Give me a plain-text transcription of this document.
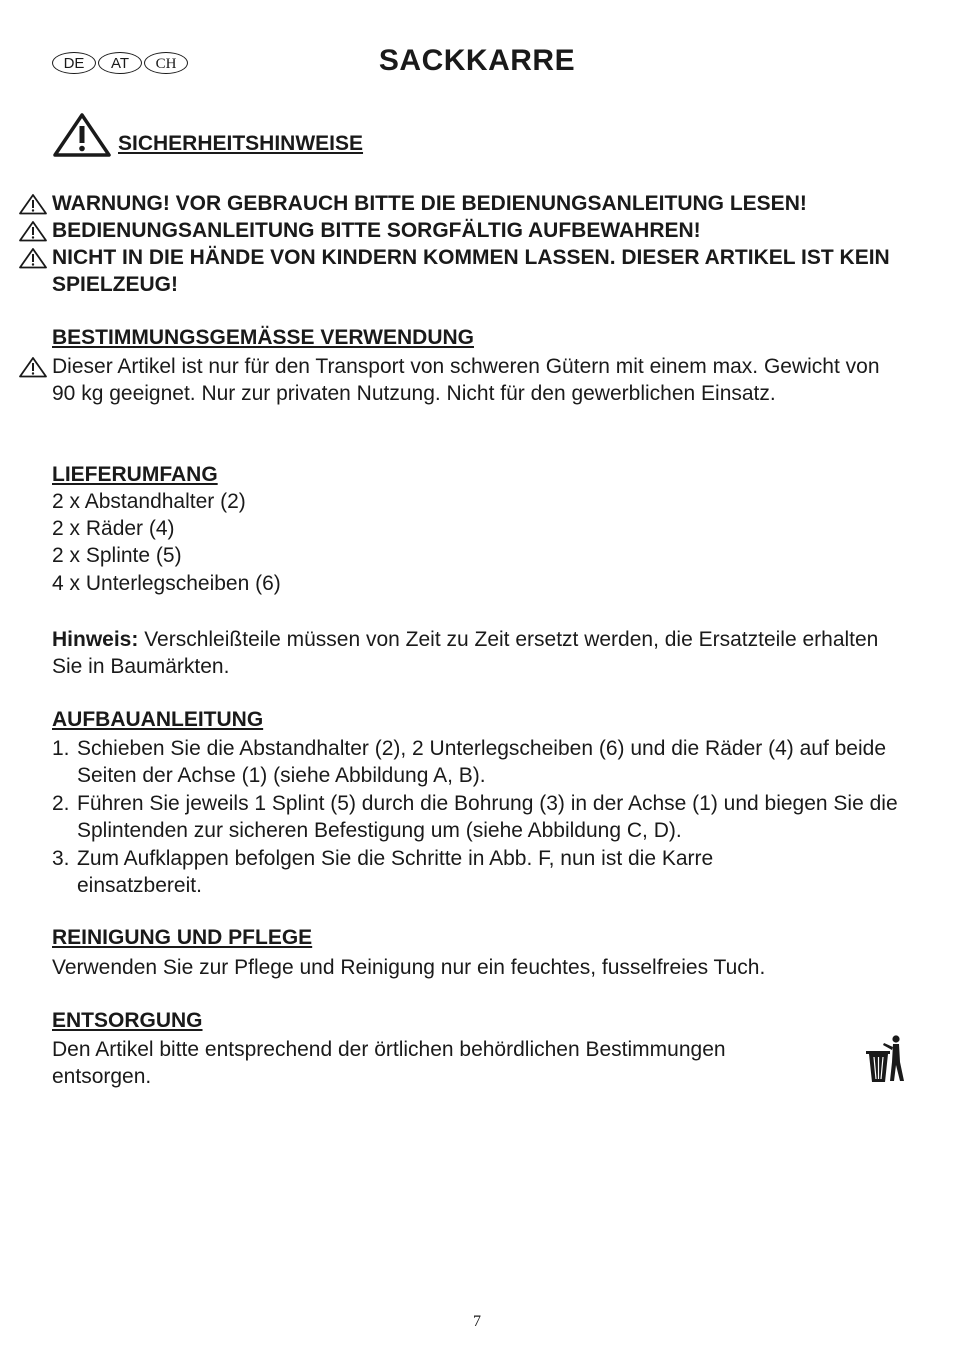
DE	AT	CH	SACKKARRE
SICHERHEITSHINWEISE
WARNUNG! VOR GEBRAUCH BITTE DIE BEDIENUNGSANLEITUNG LESEN!
BEDIENUNGSANLEITUNG BITTE SORGFÄLTIG AUFBEWAHREN!
NICHT IN DIE HÄNDE VON KINDERN KOMMEN LASSEN. DIESER ARTIKEL IST KEIN SPIELZEUG!
BESTIMMUNGSGEMÄSSE VERWENDUNG
Dieser Artikel ist nur für den Transport von schweren Gütern mit einem max. Gewicht von 90 kg geeignet. Nur zur privaten Nutzung. Nicht für den gewerblichen Einsatz.
LIEFERUMFANG
2 x Abstandhalter (2)
2 x Räder (4)
2 x Splinte (5)
4 x Unterlegscheiben (6)
Hinweis: Verschleißteile müssen von Zeit zu Zeit ersetzt werden, die Ersatzteile erhalten Sie in Baumärkten.
AUFBAUANLEITUNG
1. Schieben Sie die Abstandhalter (2), 2 Unterlegscheiben (6) und die Räder (4) auf beide Seiten der Achse (1) (siehe Abbildung A, B).
2. Führen Sie jeweils 1 Splint (5) durch die Bohrung (3) in der Achse (1) und biegen Sie die Splintenden zur sicheren Befestigung um (siehe Abbildung C, D).
3. Zum Aufklappen befolgen Sie die Schritte in Abb. F, nun ist die Karre einsatzbereit.
REINIGUNG UND PFLEGE
Verwenden Sie zur Pflege und Reinigung nur ein feuchtes, fusselfreies Tuch.
ENTSORGUNG
Den Artikel bitte entsprechend der örtlichen behördlichen Bestimmungen entsorgen.
7
